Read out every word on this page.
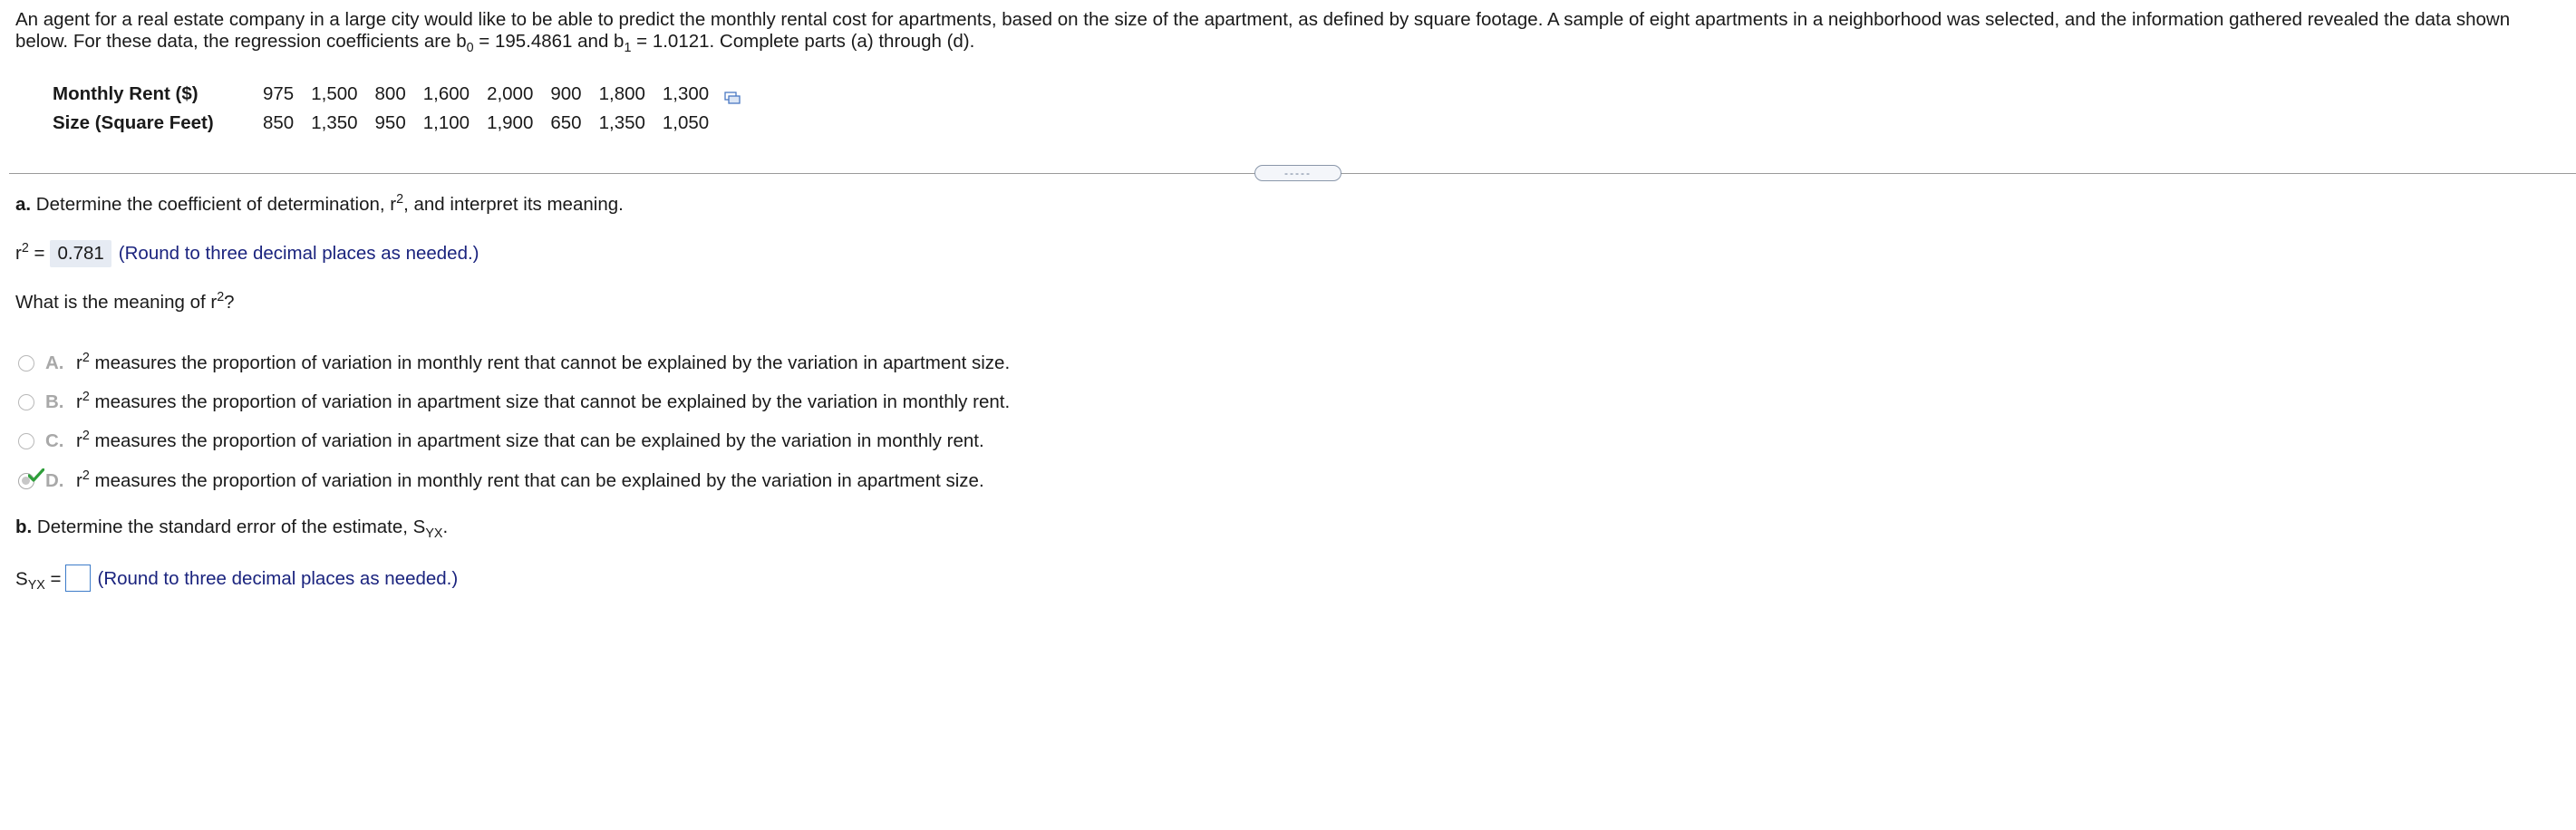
An agent for a real estate company in a large city would like to be able to predict the monthly rental cost for apartments, based on the size of the apartment, as defined by square footage. A sample of eight apartments in a neighborhood was selected, and the information gathered revealed the data shown below. For these data, the regression coefficients are $b_0 = 195.4861$ and $b_1 = 1.0121$. Complete parts (a) through (d).
Monthly Rent ($)	975	1,500	800	1,600	2,000	900	1,800	1,300	
Size (Square Feet)	850	1,350	950	1,100	1,900	650	1,350	1,050	
-----
a. Determine the coefficient of determination, $r^2$, and interpret its meaning.
$r^2 = 0.781$ (Round to three decimal places as needed.)
What is the meaning of $r^2$?
A. $r^2$ measures the proportion of variation in monthly rent that cannot be explained by the variation in apartment size.
B. $r^2$ measures the proportion of variation in apartment size that cannot be explained by the variation in monthly rent.
C. $r^2$ measures the proportion of variation in apartment size that can be explained by the variation in monthly rent.
D. $r^2$ measures the proportion of variation in monthly rent that can be explained by the variation in apartment size.
b. Determine the standard error of the estimate, $S_{YX}$.
$S_{YX}$ = (Round to three decimal places as needed.)
